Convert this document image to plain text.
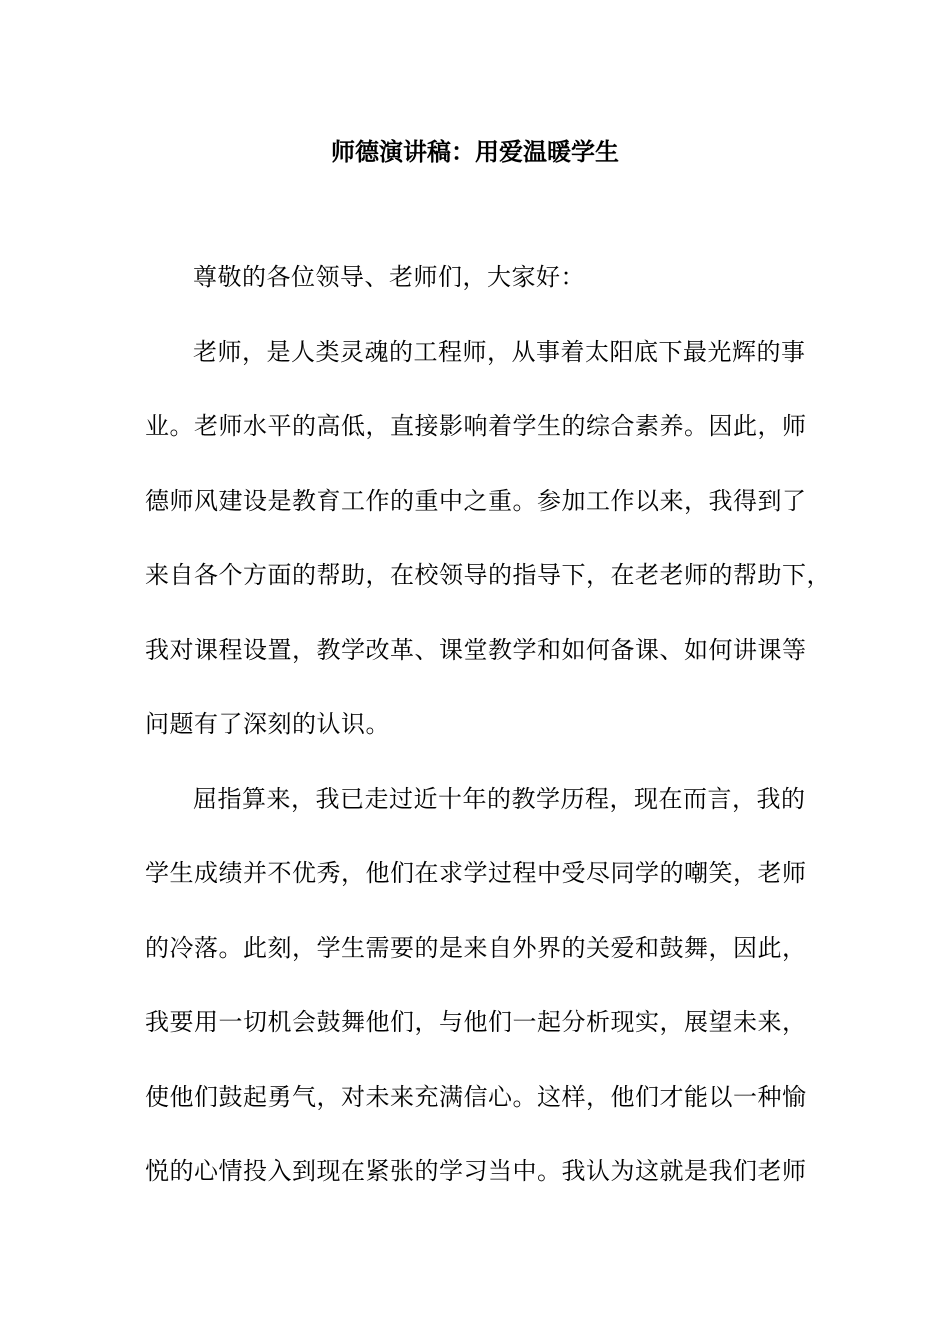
师德演讲稿：用爱温暖学生
尊敬的各位领导、老师们，大家好：
老师，是人类灵魂的工程师，从事着太阳底下最光辉的事
业。老师水平的高低，直接影响着学生的综合素养。因此，师
德师风建设是教育工作的重中之重。参加工作以来，我得到了
来自各个方面的帮助，在校领导的指导下，在老老师的帮助下，
我对课程设置，教学改革、课堂教学和如何备课、如何讲课等
问题有了深刻的认识。
屈指算来，我已走过近十年的教学历程，现在而言，我的
学生成绩并不优秀，他们在求学过程中受尽同学的嘲笑，老师
的冷落。此刻，学生需要的是来自外界的关爱和鼓舞，因此，
我要用一切机会鼓舞他们，与他们一起分析现实，展望未来，
使他们鼓起勇气，对未来充满信心。这样，他们才能以一种愉
悦的心情投入到现在紧张的学习当中。我认为这就是我们老师
